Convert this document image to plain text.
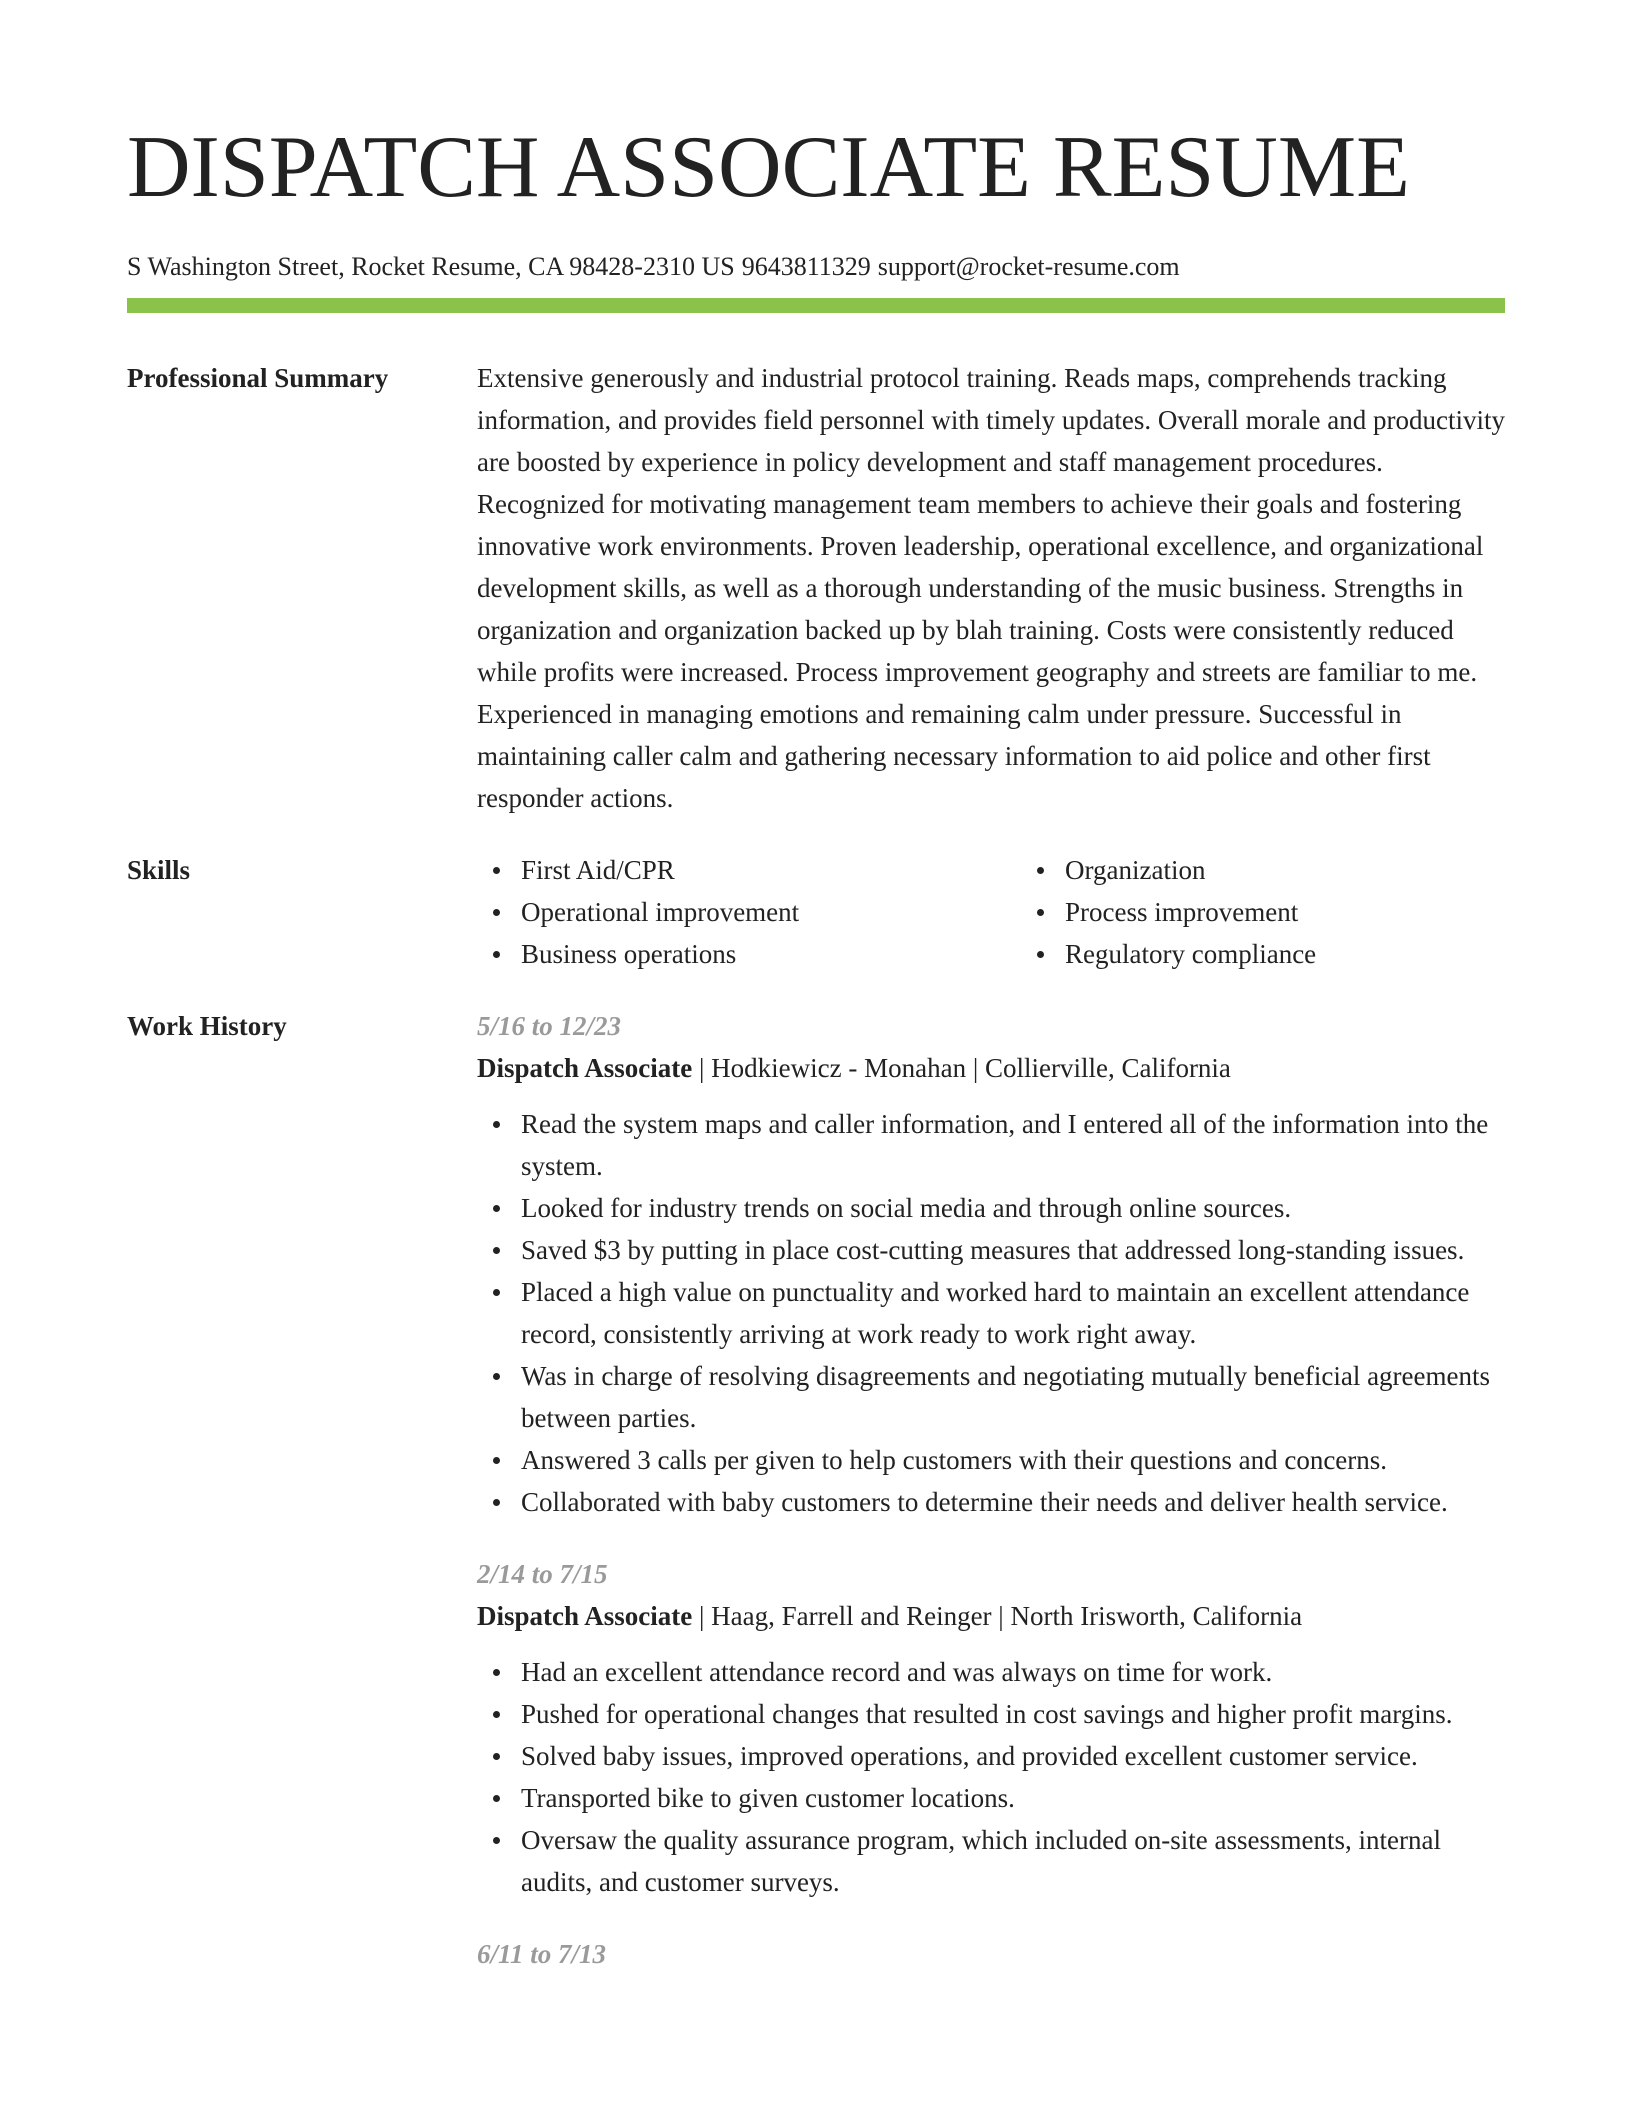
DISPATCH ASSOCIATE RESUME
S Washington Street, Rocket Resume, CA 98428-2310 US 9643811329 support@rocket-resume.com
Professional Summary	Extensive generously and industrial protocol training. Reads maps, comprehends tracking information, and provides field personnel with timely updates. Overall morale and productivity are boosted by experience in policy development and staff management procedures. Recognized for motivating management team members to achieve their goals and fostering innovative work environments. Proven leadership, operational excellence, and organizational development skills, as well as a thorough understanding of the music business. Strengths in organization and organization backed up by blah training. Costs were consistently reduced while profits were increased. Process improvement geography and streets are familiar to me. Experienced in managing emotions and remaining calm under pressure. Successful in maintaining caller calm and gathering necessary information to aid police and other first responder actions.

Skills	First Aid/CPR
Operational improvement
Business operations
Organization
Process improvement
Regulatory compliance
Work History	5/16 to 12/23
Dispatch Associate | Hodkiewicz - Monahan | Collierville, California
Read the system maps and caller information, and I entered all of the information into the system.
Looked for industry trends on social media and through online sources.
Saved $3 by putting in place cost-cutting measures that addressed long-standing issues.
Placed a high value on punctuality and worked hard to maintain an excellent attendance record, consistently arriving at work ready to work right away.
Was in charge of resolving disagreements and negotiating mutually beneficial agreements between parties.
Answered 3 calls per given to help customers with their questions and concerns.
Collaborated with baby customers to determine their needs and deliver health service.
2/14 to 7/15
Dispatch Associate | Haag, Farrell and Reinger | North Irisworth, California
Had an excellent attendance record and was always on time for work.
Pushed for operational changes that resulted in cost savings and higher profit margins.
Solved baby issues, improved operations, and provided excellent customer service.
Transported bike to given customer locations.
Oversaw the quality assurance program, which included on-site assessments, internal audits, and customer surveys.
6/11 to 7/13
